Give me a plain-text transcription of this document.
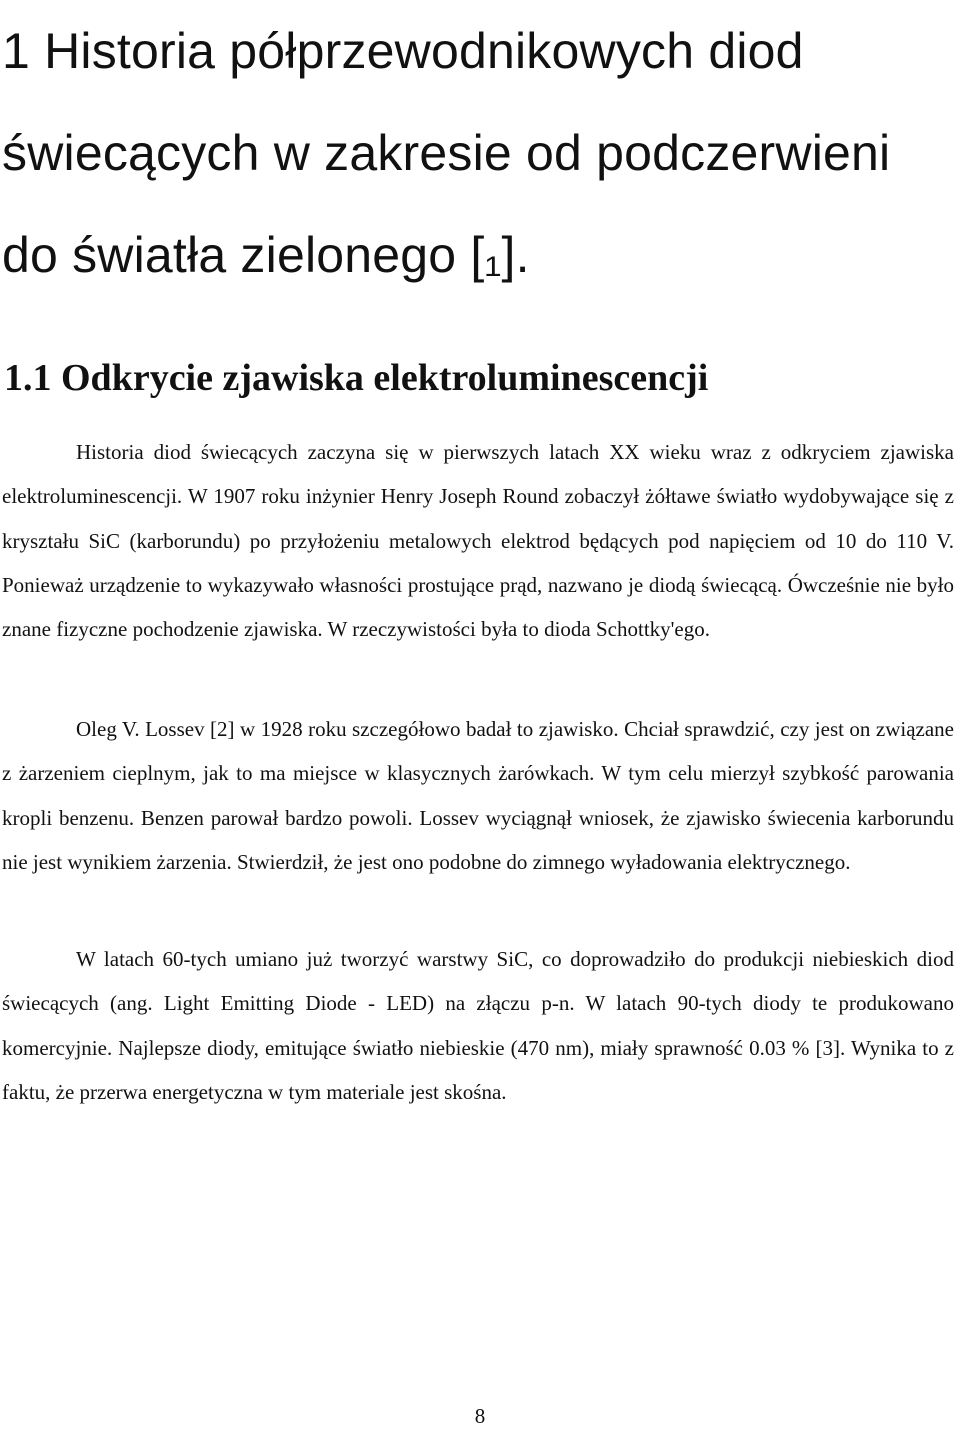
1 Historia półprzewodnikowych diod
świecących w zakresie od podczerwieni
do światła zielonego [₁].
1.1 Odkrycie zjawiska elektroluminescencji

Historia diod świecących zaczyna się w pierwszych latach XX wieku wraz z odkryciem zjawiska elektroluminescencji. W 1907 roku inżynier Henry Joseph Round zobaczył żółtawe światło wydobywające się z kryształu SiC (karborundu) po przyłożeniu metalowych elektrod będących pod napięciem od 10 do 110 V. Ponieważ urządzenie to wykazywało własności prostujące prąd, nazwano je diodą świecącą. Ówcześnie nie było znane fizyczne pochodzenie zjawiska. W rzeczywistości była to dioda Schottky'ego.

Oleg V. Lossev [2] w 1928 roku szczegółowo badał to zjawisko. Chciał sprawdzić, czy jest on związane z żarzeniem cieplnym, jak to ma miejsce w klasycznych żarówkach. W tym celu mierzył szybkość parowania kropli benzenu. Benzen parował bardzo powoli. Lossev wyciągnął wniosek, że zjawisko świecenia karborundu nie jest wynikiem żarzenia. Stwierdził, że jest ono podobne do zimnego wyładowania elektrycznego.

W latach 60-tych umiano już tworzyć warstwy SiC, co doprowadziło do produkcji niebieskich diod świecących (ang. Light Emitting Diode - LED) na złączu p-n. W latach 90-tych diody te produkowano komercyjnie. Najlepsze diody, emitujące światło niebieskie (470 nm), miały sprawność 0.03 % [3]. Wynika to z faktu, że przerwa energetyczna w tym materiale jest skośna.

8
